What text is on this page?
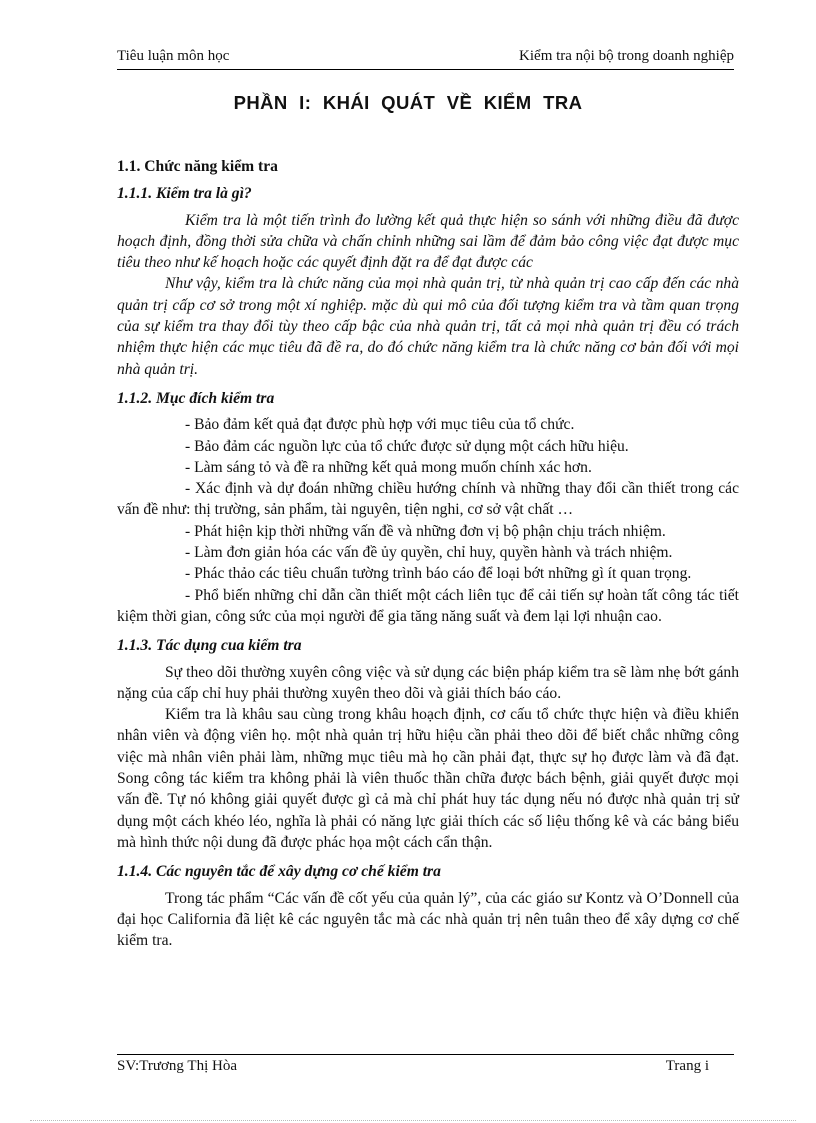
Tiêu luận môn học	Kiểm tra nội bộ trong doanh nghiệp
PHẦN I: KHÁI QUÁT VỀ KIỂM TRA
1.1. Chức năng kiểm tra
1.1.1. Kiểm tra là gì?

Kiểm tra là một tiến trình đo lường kết quả thực hiện so sánh với những điều đã được hoạch định, đồng thời sửa chữa và chấn chỉnh những sai lầm để đảm bảo công việc đạt được mục tiêu theo như kế hoạch hoặc các quyết định đặt ra để đạt được các

Như vậy, kiểm tra là chức năng của mọi nhà quản trị, từ nhà quản trị cao cấp đến các nhà quản trị cấp cơ sở trong một xí nghiệp. mặc dù qui mô của đối tượng kiểm tra và tầm quan trọng của sự kiểm tra thay đổi tùy theo cấp bậc của nhà quản trị, tất cả mọi nhà quản trị đều có trách nhiệm thực hiện các mục tiêu đã đề ra, do đó chức năng kiểm tra là chức năng cơ bản đối với mọi nhà quản trị.

1.1.2. Mục đích kiểm tra

- Bảo đảm kết quả đạt được phù hợp với mục tiêu của tổ chức.

- Bảo đảm các nguồn lực của tổ chức được sử dụng một cách hữu hiệu.

- Làm sáng tỏ và đề ra những kết quả mong muốn chính xác hơn.

- Xác định và dự đoán những chiều hướng chính và những thay đổi cần thiết trong các vấn đề như: thị trường, sản phẩm, tài nguyên, tiện nghi, cơ sở vật chất …

- Phát hiện kịp thời những vấn đề và những đơn vị bộ phận chịu trách nhiệm.

- Làm đơn giản hóa các vấn đề ủy quyền, chỉ huy, quyền hành và trách nhiệm.

- Phác thảo các tiêu chuẩn tường trình báo cáo để loại bớt những gì ít quan trọng.

- Phổ biến những chỉ dẫn cần thiết một cách liên tục để cải tiến sự hoàn tất công tác tiết kiệm thời gian, công sức của mọi người để gia tăng năng suất và đem lại lợi nhuận cao.

1.1.3. Tác dụng cua kiểm tra

Sự theo dõi thường xuyên công việc và sử dụng các biện pháp kiểm tra sẽ làm nhẹ bớt gánh nặng của cấp chỉ huy phải thường xuyên theo dõi và giải thích báo cáo.

Kiểm tra là khâu sau cùng trong khâu hoạch định, cơ cấu tổ chức thực hiện và điều khiển nhân viên và động viên họ. một nhà quản trị hữu hiệu cần phải theo dõi để biết chắc những công việc mà nhân viên phải làm, những mục tiêu mà họ cần phải đạt, thực sự họ được làm và đã đạt. Song công tác kiểm tra không phải là viên thuốc thần chữa được bách bệnh, giải quyết được mọi vấn đề. Tự nó không giải quyết được gì cả mà chỉ phát huy tác dụng nếu nó được nhà quản trị sử dụng một cách khéo léo, nghĩa là phải có năng lực giải thích các số liệu thống kê và các bảng biểu mà hình thức nội dung đã được phác họa một cách cẩn thận.

1.1.4. Các nguyên tắc để xây dựng cơ chế kiểm tra

Trong tác phẩm “Các vấn đề cốt yếu của quản lý”, của các giáo sư Kontz và O’Donnell của đại học California đã liệt kê các nguyên tắc mà các nhà quản trị nên tuân theo để xây dựng cơ chế kiểm tra.

SV:Trương Thị Hòa	Trang i
